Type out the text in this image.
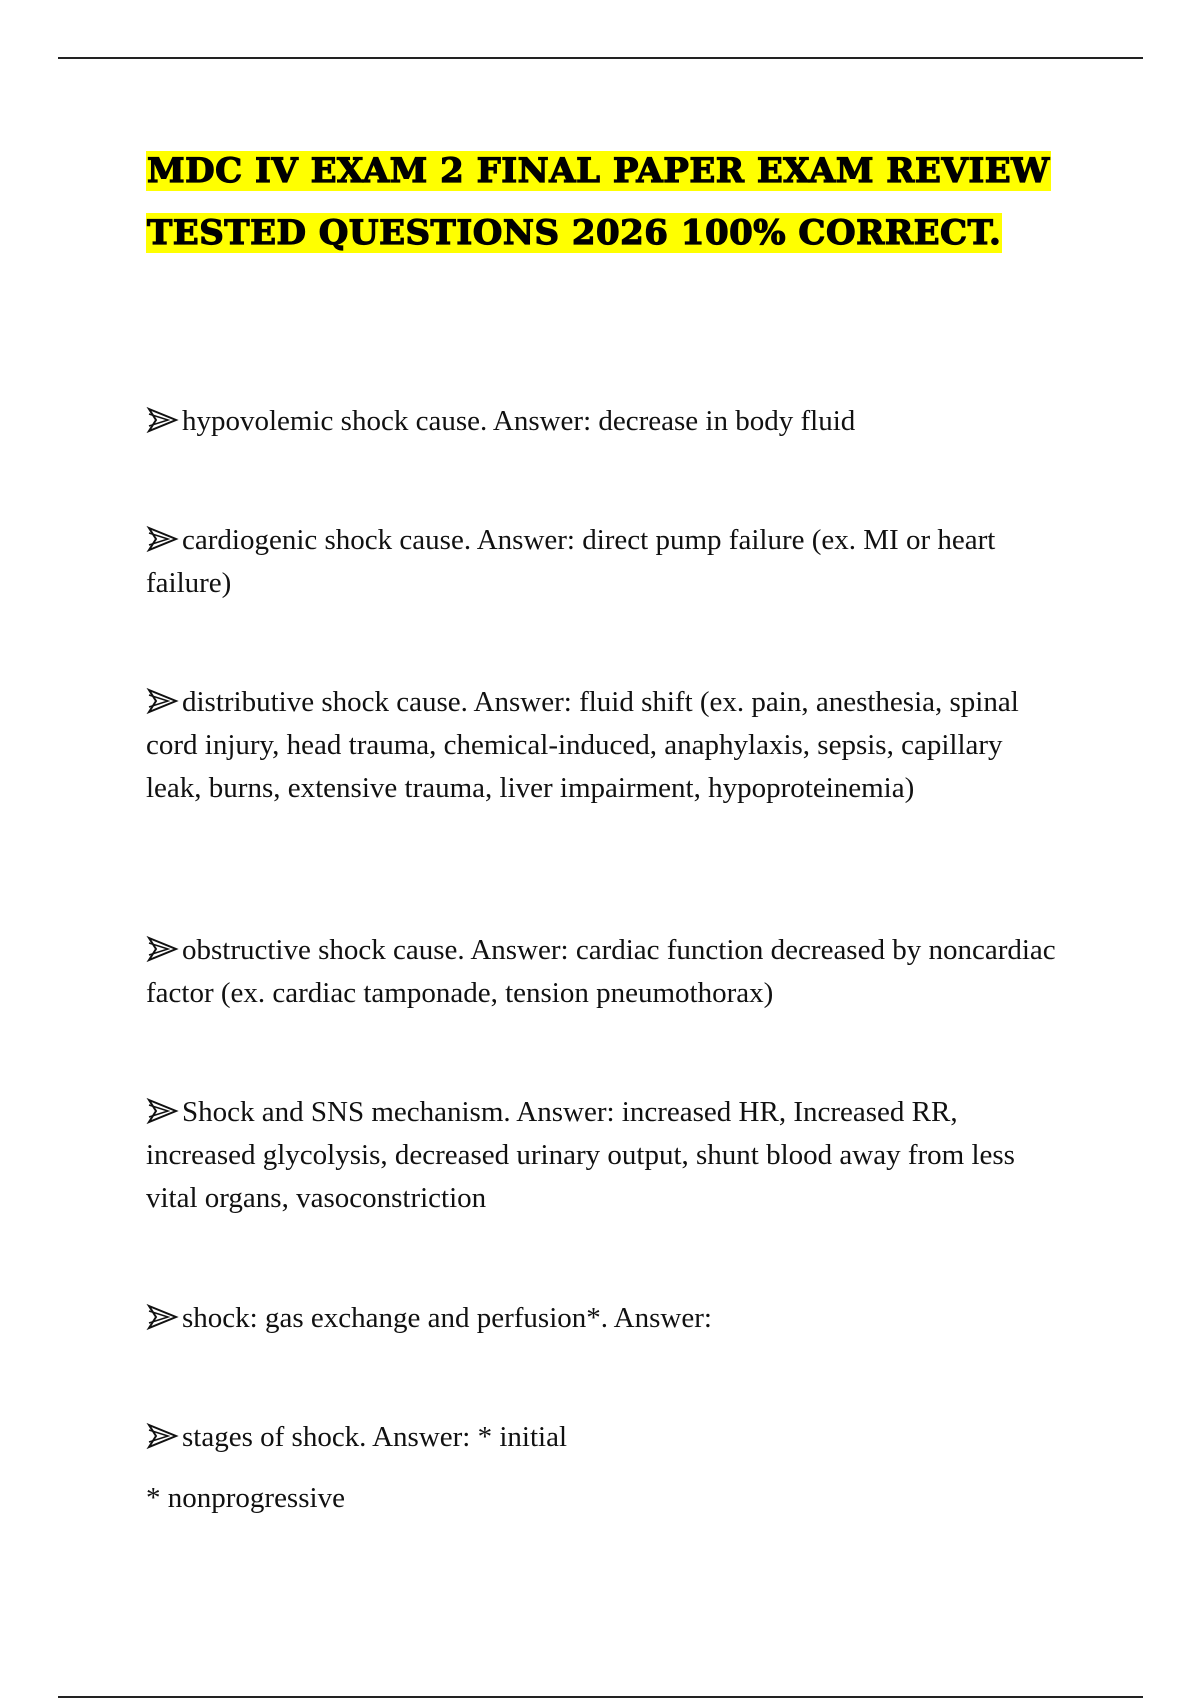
MDC IV EXAM 2 FINAL PAPER EXAM REVIEW
TESTED QUESTIONS 2026 100% CORRECT.
hypovolemic shock cause. Answer: decrease in body fluid
cardiogenic shock cause. Answer: direct pump failure (ex. MI or heart failure)
distributive shock cause. Answer: fluid shift (ex. pain, anesthesia, spinal cord injury, head trauma, chemical-induced, anaphylaxis, sepsis, capillary leak, burns, extensive trauma, liver impairment, hypoproteinemia)
obstructive shock cause. Answer: cardiac function decreased by noncardiac factor (ex. cardiac tamponade, tension pneumothorax)
Shock and SNS mechanism. Answer: increased HR, Increased RR, increased glycolysis, decreased urinary output, shunt blood away from less vital organs, vasoconstriction
shock: gas exchange and perfusion*. Answer:
stages of shock. Answer: * initial
* nonprogressive
